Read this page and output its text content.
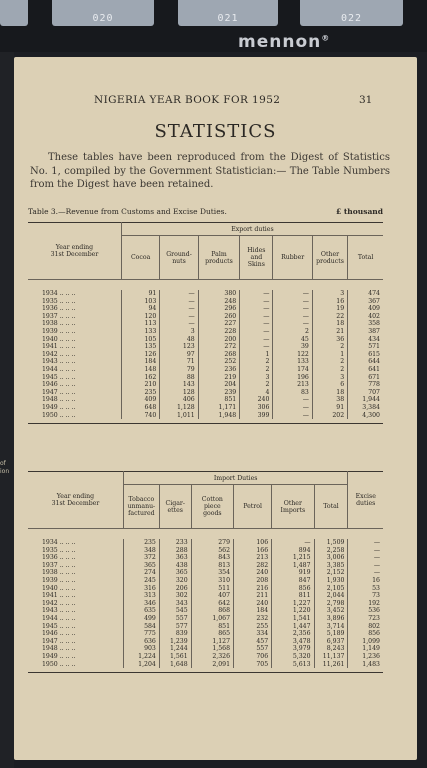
020	021	022
mennon®
of
ion
NIGERIA YEAR BOOK FOR 1952	31
STATISTICS
These tables have been reproduced from the Digest of Statistics No. 1, compiled by the Government Statistician:— The Table Numbers from the Digest have been retained.
Table 3.—Revenue from Customs and Excise Duties.	£ thousand
Year ending
31st December	Export duties						
	Cocoa	Ground-
nuts	Palm
products	Hides
and
Skins	Rubber	Other
products	Total

1934 .. .. ..	91	—	380	—	—	3	474
1935 .. .. ..	103	—	248	—	—	16	367
1936 .. .. ..	94	—	296	—	—	19	409
1937 .. .. ..	120	—	260	—	—	22	402
1938 .. .. ..	113	—	227	—	—	18	358
1939 .. .. ..	133	3	228	—	2	21	387
1940 .. .. ..	105	48	200	—	45	36	434
1941 .. .. ..	135	123	272	—	39	2	571
1942 .. .. ..	126	97	268	1	122	1	615
1943 .. .. ..	184	71	252	2	133	2	644
1944 .. .. ..	148	79	236	2	174	2	641
1945 .. .. ..	162	88	219	3	196	3	671
1946 .. .. ..	210	143	204	2	213	6	778
1947 .. .. ..	235	128	239	4	83	18	707
1948 .. .. ..	409	406	851	240	—	38	1,944
1949 .. .. ..	648	1,128	1,171	306	—	91	3,384
1950 .. .. ..	740	1,011	1,948	399	—	202	4,300

Year ending
31st December	Import Duties						Excise
duties
	Tobacco
unmanu-
factured	Cigar-
ettes	Cotton
piece
goods	Petrol	Other
Imports	Total	

1934 .. .. ..	235	233	279	106	—	1,509	—
1935 .. .. ..	348	288	562	166	894	2,258	—
1936 .. .. ..	372	363	843	213	1,215	3,006	—
1937 .. .. ..	365	438	813	282	1,487	3,385	—
1938 .. .. ..	274	365	354	240	919	2,152	—
1939 .. .. ..	245	320	310	208	847	1,930	16
1940 .. .. ..	316	206	511	216	856	2,105	53
1941 .. .. ..	313	302	407	211	811	2,044	73
1942 .. .. ..	346	343	642	240	1,227	2,798	192
1943 .. .. ..	635	545	868	184	1,220	3,452	536
1944 .. .. ..	499	557	1,067	232	1,541	3,896	723
1945 .. .. ..	584	577	851	255	1,447	3,714	802
1946 .. .. ..	775	839	865	334	2,356	5,189	856
1947 .. .. ..	636	1,239	1,127	457	3,478	6,937	1,099
1948 .. .. ..	903	1,244	1,568	557	3,979	8,243	1,149
1949 .. .. ..	1,224	1,561	2,326	706	5,320	11,137	1,236
1950 .. .. ..	1,204	1,648	2,091	705	5,613	11,261	1,483
